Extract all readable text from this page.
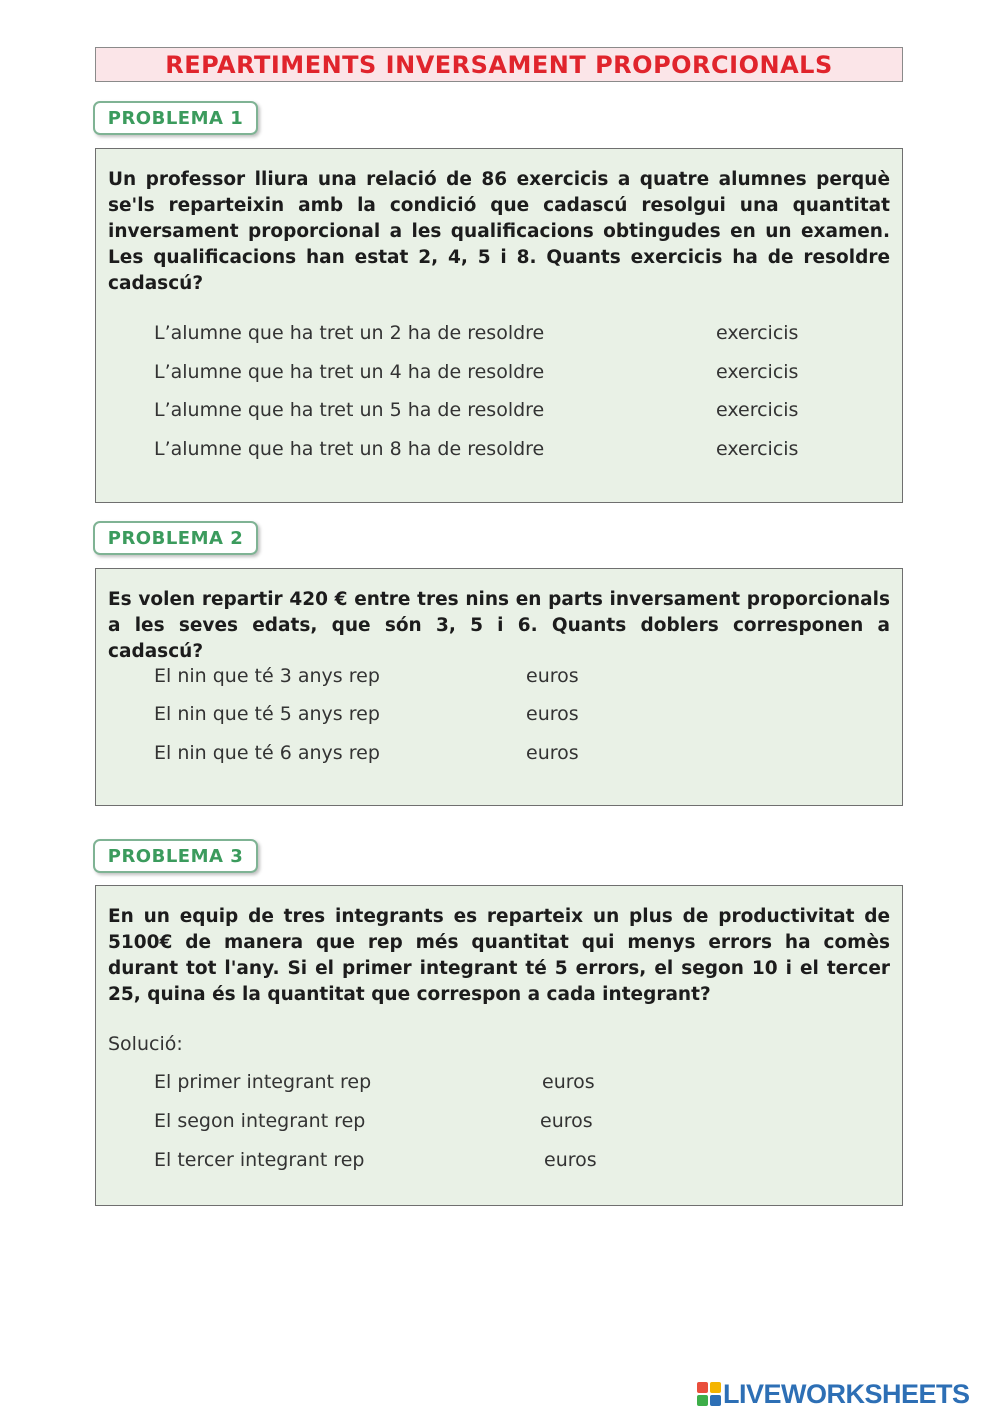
REPARTIMENTS INVERSAMENT PROPORCIONALS
PROBLEMA 1
Un professor lliura una relació de 86 exercicis a quatre alumnes perquè se'ls reparteixin amb la condició que cadascú resolgui una quantitat inversament proporcional a les qualificacions obtingudes en un examen. Les qualificacions han estat 2, 4, 5 i 8. Quants exercicis ha de resoldre cadascú?
L’alumne que ha tret un 2 ha de resoldre	exercicis
L’alumne que ha tret un 4 ha de resoldre	exercicis
L’alumne que ha tret un 5 ha de resoldre	exercicis
L’alumne que ha tret un 8 ha de resoldre	exercicis
PROBLEMA 2
Es volen repartir 420 € entre tres nins en parts inversament proporcionals a les seves edats, que són 3, 5 i 6. Quants doblers corresponen a cadascú?
El nin que té 3 anys rep	euros
El nin que té 5 anys rep	euros
El nin que té 6 anys rep	euros
PROBLEMA 3
En un equip de tres integrants es reparteix un plus de productivitat de 5100€ de manera que rep més quantitat qui menys errors ha comès durant tot l'any. Si el primer integrant té 5 errors, el segon 10 i el tercer 25, quina és la quantitat que correspon a cada integrant?
Solució:
El primer integrant rep	euros
El segon integrant rep	euros
El tercer integrant rep	euros
LIVEWORKSHEETS
